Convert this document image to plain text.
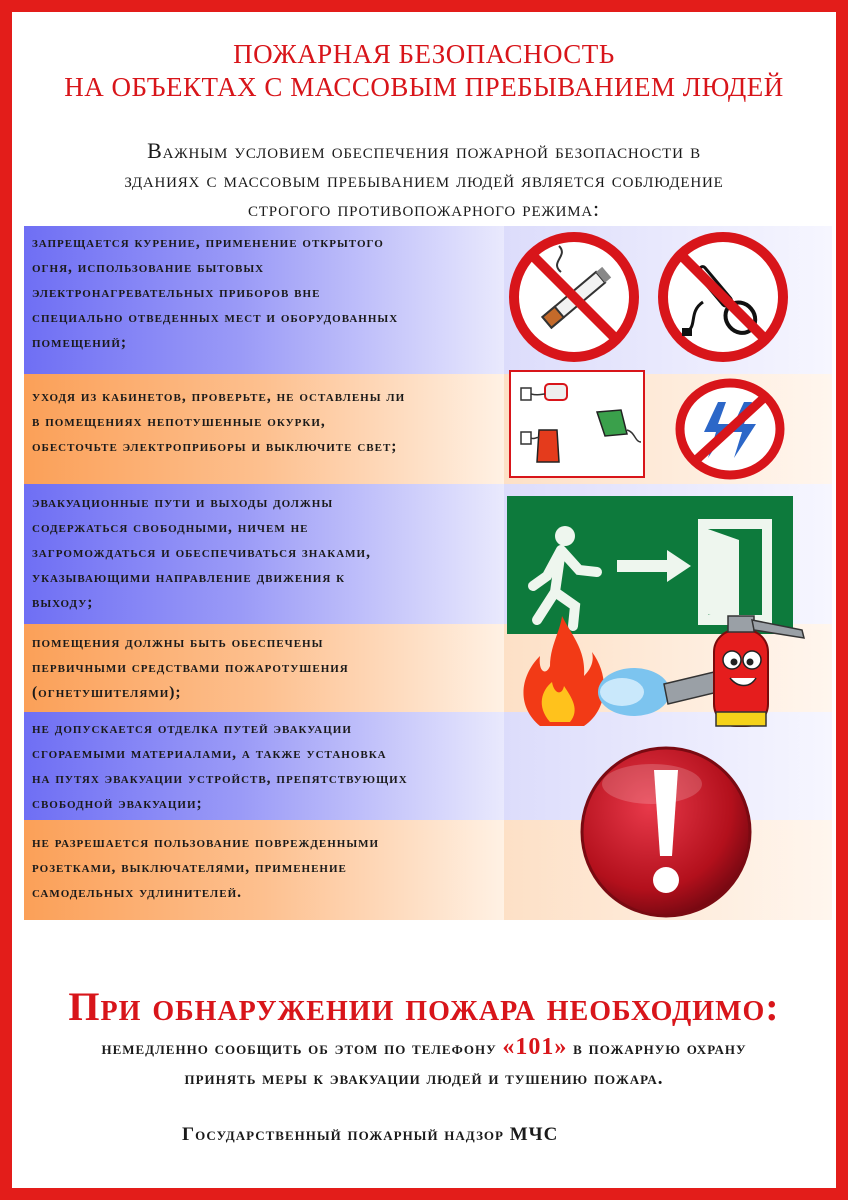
ПОЖАРНАЯ БЕЗОПАСНОСТЬ
НА ОБЪЕКТАХ С МАССОВЫМ ПРЕБЫВАНИЕМ ЛЮДЕЙ
Важным условием обеспечения пожарной безопасности в
зданиях с массовым пребыванием людей является соблюдение
строгого противопожарного режима:
запрещается курение, применение открытого
огня, использование бытовых
электронагревательных приборов вне
специально отведенных мест и оборудованных
помещений;
уходя из кабинетов, проверьте, не оставлены ли
в помещениях непотушенные окурки,
обесточьте электроприборы и выключите свет;
эвакуационные пути и выходы должны
содержаться свободными, ничем не
загромождаться и обеспечиваться знаками,
указывающими направление движения к
выходу;
помещения должны быть обеспечены
первичными средствами пожаротушения
(огнетушителями);
не допускается отделка путей эвакуации
сгораемыми материалами, а также установка
на путях эвакуации устройств, препятствующих
свободной эвакуации;
не разрешается пользование поврежденными
розетками, выключателями, применение
самодельных удлинителей.
При обнаружении пожара необходимо:
немедленно сообщить об этом по телефону «101» в пожарную охрану
принять меры к эвакуации людей и тушению пожара.
Государственный пожарный надзор МЧС
